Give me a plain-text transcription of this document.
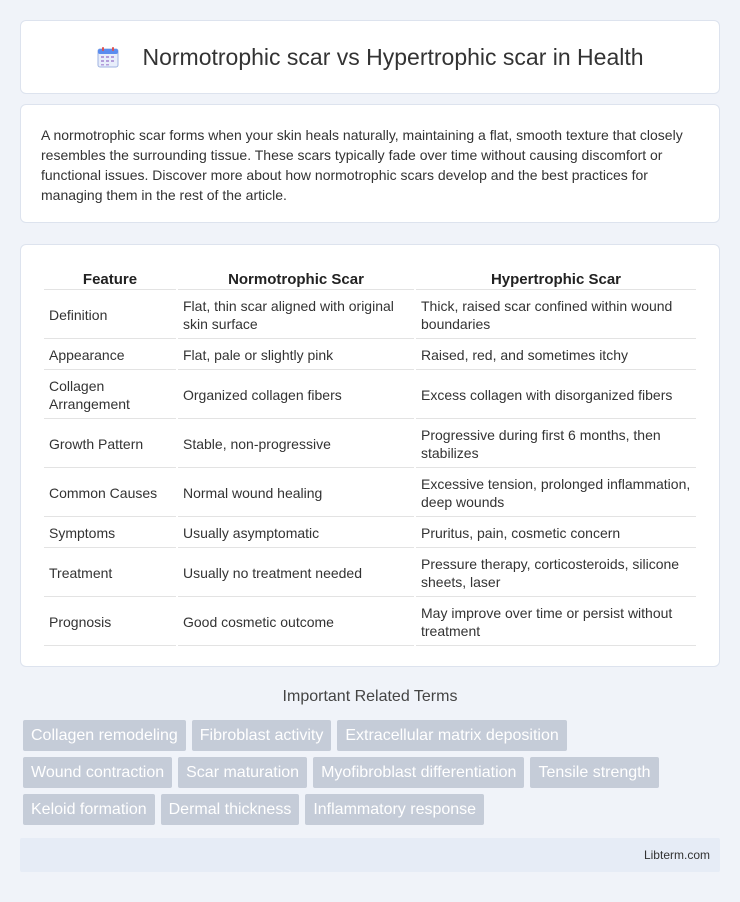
Normotrophic scar vs Hypertrophic scar in Health

A normotrophic scar forms when your skin heals naturally, maintaining a flat, smooth texture that closely resembles the surrounding tissue. These scars typically fade over time without causing discomfort or functional issues. Discover more about how normotrophic scars develop and the best practices for managing them in the rest of the article.

Feature	Normotrophic Scar	Hypertrophic Scar
Definition	Flat, thin scar aligned with original skin surface	Thick, raised scar confined within wound boundaries
Appearance	Flat, pale or slightly pink	Raised, red, and sometimes itchy
Collagen Arrangement	Organized collagen fibers	Excess collagen with disorganized fibers
Growth Pattern	Stable, non-progressive	Progressive during first 6 months, then stabilizes
Common Causes	Normal wound healing	Excessive tension, prolonged inflammation, deep wounds
Symptoms	Usually asymptomatic	Pruritus, pain, cosmetic concern
Treatment	Usually no treatment needed	Pressure therapy, corticosteroids, silicone sheets, laser
Prognosis	Good cosmetic outcome	May improve over time or persist without treatment
Important Related Terms
Collagen remodeling	Fibroblast activity	Extracellular matrix deposition
Wound contraction	Scar maturation	Myofibroblast differentiation	Tensile strength
Keloid formation	Dermal thickness	Inflammatory response
Libterm.com
